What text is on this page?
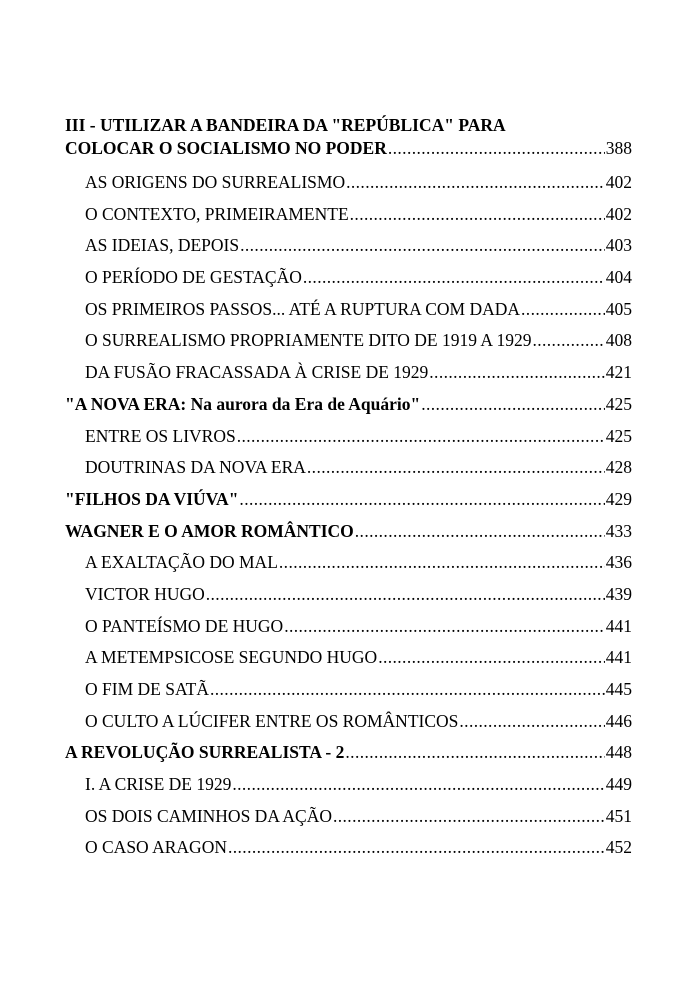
III - UTILIZAR A BANDEIRA DA "REPÚBLICA" PARA
COLOCAR O SOCIALISMO NO PODER .....	388
AS ORIGENS DO SURREALISMO .....	402
O CONTEXTO, PRIMEIRAMENTE .....	402
AS IDEIAS, DEPOIS .....	403
O PERÍODO DE GESTAÇÃO .....	404
OS PRIMEIROS PASSOS... ATÉ A RUPTURA COM DADA .....	405
O SURREALISMO PROPRIAMENTE DITO DE 1919 A 1929 .....	408
DA FUSÃO FRACASSADA À CRISE DE 1929 .....	421
"A NOVA ERA: Na aurora da Era de Aquário" .....	425
ENTRE OS LIVROS .....	425
DOUTRINAS DA NOVA ERA .....	428
"FILHOS DA VIÚVA" .....	429
WAGNER E O AMOR ROMÂNTICO .....	433
A EXALTAÇÃO DO MAL .....	436
VICTOR HUGO .....	439
O PANTEÍSMO DE HUGO .....	441
A METEMPSICOSE SEGUNDO HUGO .....	441
O FIM DE SATÃ .....	445
O CULTO A LÚCIFER ENTRE OS ROMÂNTICOS .....	446
A REVOLUÇÃO SURREALISTA - 2 .....	448
I. A CRISE DE 1929 .....	449
OS DOIS CAMINHOS DA AÇÃO .....	451
O CASO ARAGON .....	452
